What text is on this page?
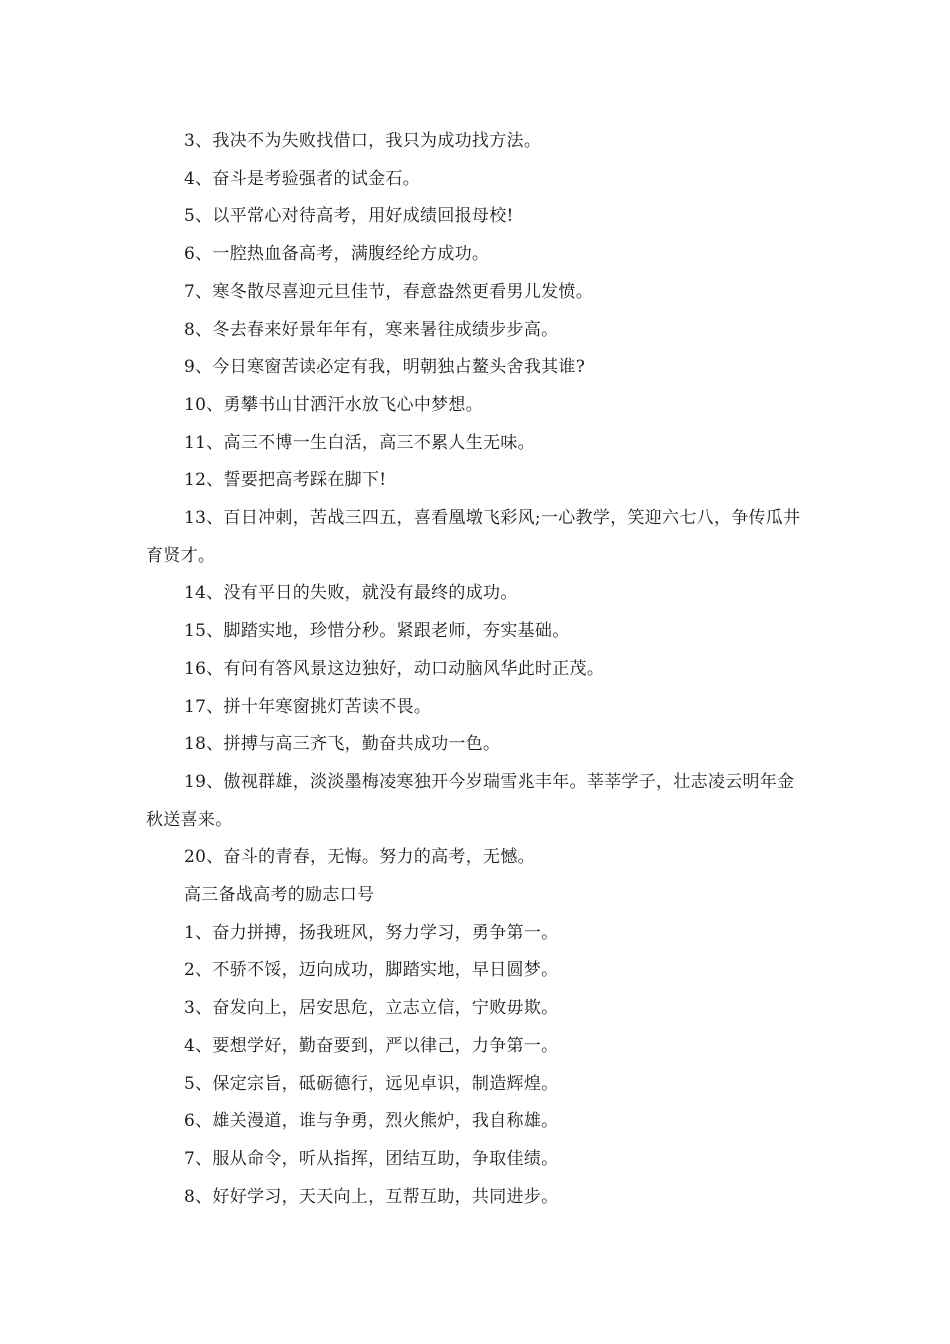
3、我决不为失败找借口，我只为成功找方法。

4、奋斗是考验强者的试金石。

5、以平常心对待高考，用好成绩回报母校!

6、一腔热血备高考，满腹经纶方成功。

7、寒冬散尽喜迎元旦佳节，春意盎然更看男儿发愤。

8、冬去春来好景年年有，寒来暑往成绩步步高。

9、今日寒窗苦读必定有我，明朝独占鳌头舍我其谁?

10、勇攀书山甘洒汗水放飞心中梦想。

11、高三不博一生白活，高三不累人生无味。

12、誓要把高考踩在脚下!

13、百日冲刺，苦战三四五，喜看凰墩飞彩风;一心教学，笑迎六七八，争传瓜井育贤才。

14、没有平日的失败，就没有最终的成功。

15、脚踏实地，珍惜分秒。紧跟老师，夯实基础。

16、有问有答风景这边独好，动口动脑风华此时正茂。

17、拼十年寒窗挑灯苦读不畏。

18、拼搏与高三齐飞，勤奋共成功一色。

19、傲视群雄，淡淡墨梅凌寒独开今岁瑞雪兆丰年。莘莘学子，壮志凌云明年金秋送喜来。

20、奋斗的青春，无悔。努力的高考，无憾。

高三备战高考的励志口号

1、奋力拼搏，扬我班风，努力学习，勇争第一。

2、不骄不馁，迈向成功，脚踏实地，早日圆梦。

3、奋发向上，居安思危，立志立信，宁败毋欺。

4、要想学好，勤奋要到，严以律己，力争第一。

5、保定宗旨，砥砺德行，远见卓识，制造辉煌。

6、雄关漫道，谁与争勇，烈火熊炉，我自称雄。

7、服从命令，听从指挥，团结互助，争取佳绩。

8、好好学习，天天向上，互帮互助，共同进步。
